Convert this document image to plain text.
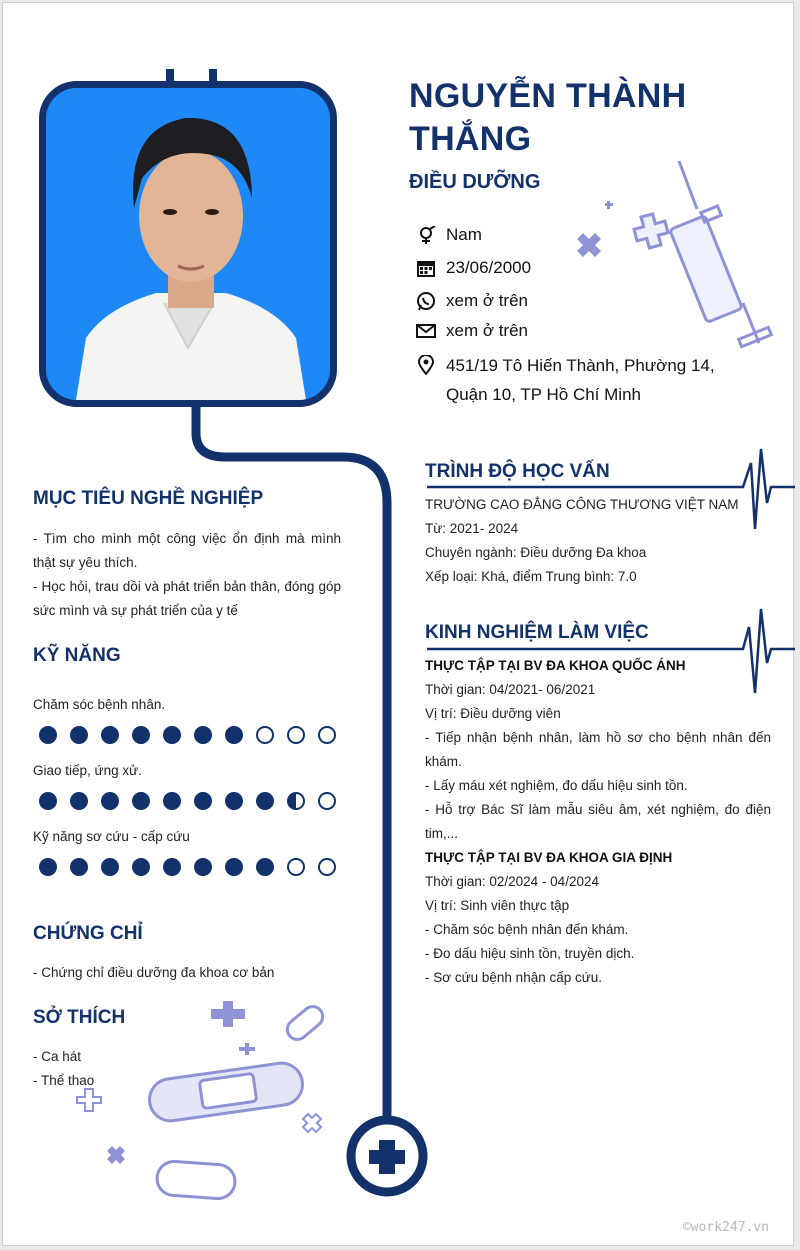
NGUYỄN THÀNH THẮNG
ĐIỀU DƯỠNG
Nam
23/06/2000
xem ở trên
xem ở trên
451/19 Tô Hiến Thành, Phường 14,
Quận 10, TP Hồ Chí Minh
MỤC TIÊU NGHỀ NGHIỆP
- Tìm cho mình một công việc ổn định mà mình thật sự yêu thích.
- Học hỏi, trau dồi và phát triển bản thân, đóng góp sức mình và sự phát triển của y tế
KỸ NĂNG
Chăm sóc bệnh nhân.
Giao tiếp, ứng xử.
Kỹ năng sơ cứu - cấp cứu
CHỨNG CHỈ
- Chứng chỉ điều dưỡng đa khoa cơ bản
SỞ THÍCH
- Ca hát
- Thể thao
TRÌNH ĐỘ HỌC VẤN
TRƯỜNG CAO ĐẲNG CÔNG THƯƠNG VIỆT NAM
Từ: 2021- 2024
Chuyên ngành: Điều dưỡng Đa khoa
Xếp loại: Khá, điểm Trung bình: 7.0
KINH NGHIỆM LÀM VIỆC
THỰC TẬP TẠI BV ĐA KHOA QUỐC ÁNH
Thời gian: 04/2021- 06/2021
Vị trí: Điều dưỡng viên
- Tiếp nhận bệnh nhân, làm hồ sơ cho bệnh nhân đến khám.
- Lấy máu xét nghiệm, đo dấu hiệu sinh tồn.
- Hỗ trợ Bác Sĩ làm mẫu siêu âm, xét nghiệm, đo điện tim,...
THỰC TẬP TẠI BV ĐA KHOA GIA ĐỊNH
Thời gian: 02/2024 - 04/2024
Vị trí: Sinh viên thực tập
- Chăm sóc bệnh nhân đến khám.
- Đo dấu hiệu sinh tồn, truyền dịch.
- Sơ cứu bệnh nhận cấp cứu.
©work247.vn
